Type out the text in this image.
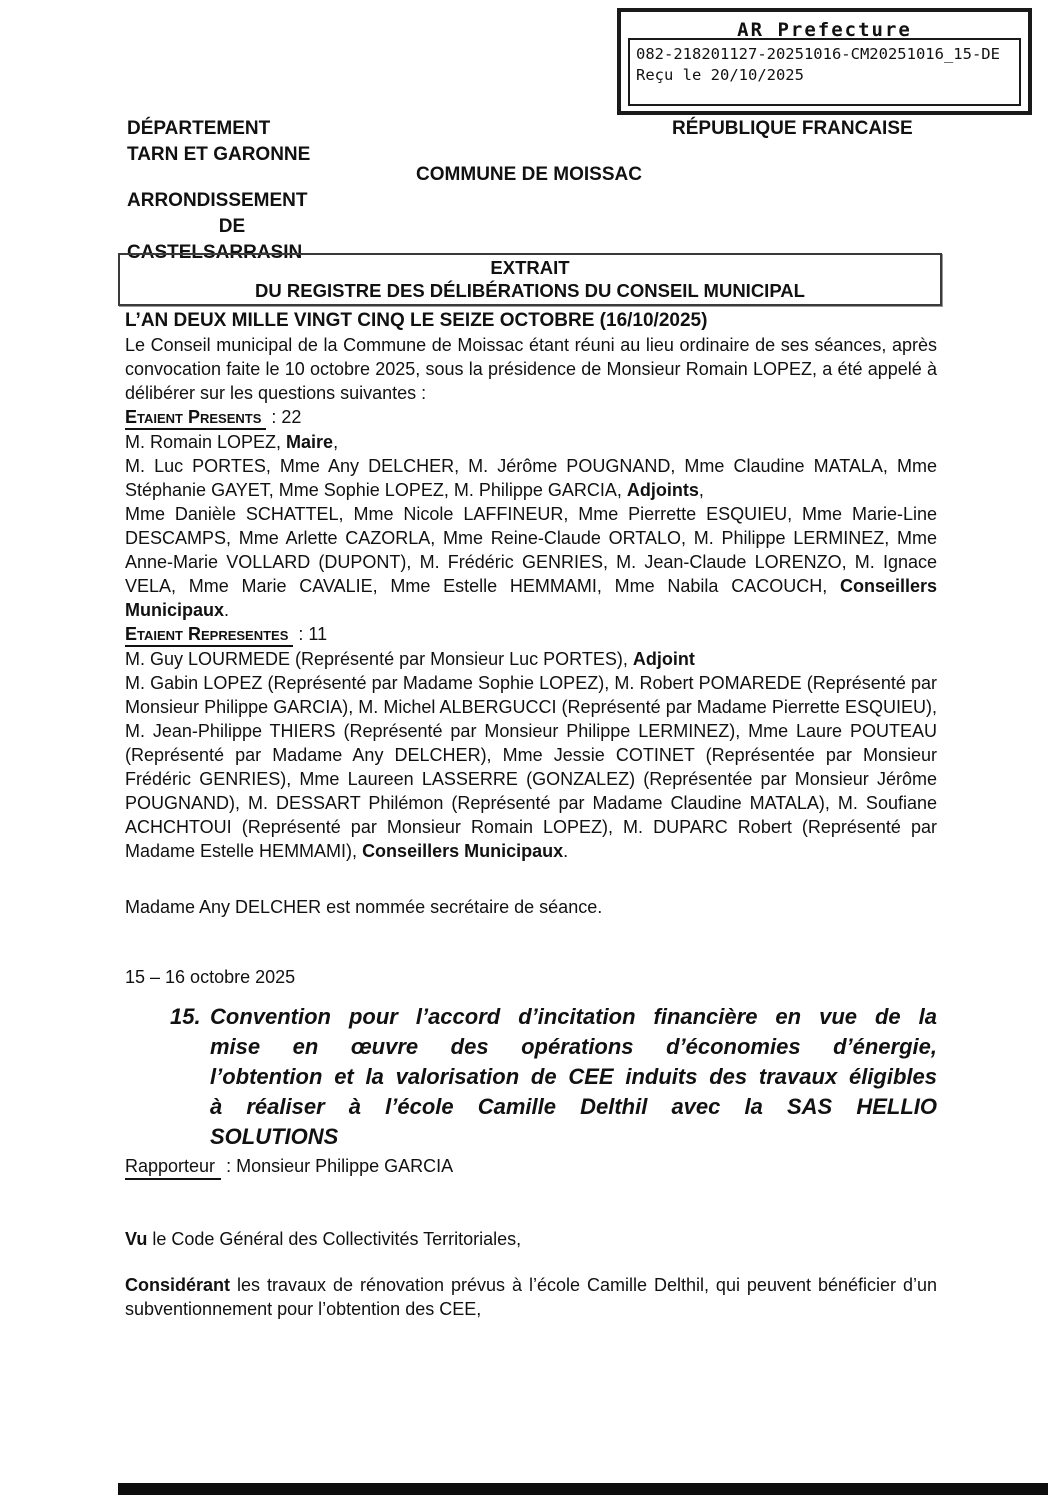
AR Prefecture
082-218201127-20251016-CM20251016_15-DE
Reçu le 20/10/2025
DÉPARTEMENT
TARN ET GARONNE
RÉPUBLIQUE FRANCAISE
COMMUNE DE MOISSAC
ARRONDISSEMENT
DE
CASTELSARRASIN
EXTRAIT
DU REGISTRE DES DÉLIBÉRATIONS DU CONSEIL MUNICIPAL
L’AN DEUX MILLE VINGT CINQ LE SEIZE OCTOBRE (16/10/2025)

Le Conseil municipal de la Commune de Moissac étant réuni au lieu ordinaire de ses séances, après convocation faite le 10 octobre 2025, sous la présidence de Monsieur Romain LOPEZ, a été appelé à délibérer sur les questions suivantes :

Etaient Presents : 22

M. Romain LOPEZ, Maire,

M. Luc PORTES, Mme Any DELCHER, M. Jérôme POUGNAND, Mme Claudine MATALA, Mme Stéphanie GAYET, Mme Sophie LOPEZ, M. Philippe GARCIA, Adjoints,

Mme Danièle SCHATTEL, Mme Nicole LAFFINEUR, Mme Pierrette ESQUIEU, Mme Marie-Line DESCAMPS, Mme Arlette CAZORLA, Mme Reine-Claude ORTALO, M. Philippe LERMINEZ, Mme Anne-Marie VOLLARD (DUPONT), M. Frédéric GENRIES, M. Jean-Claude LORENZO, M. Ignace VELA, Mme Marie CAVALIE, Mme Estelle HEMMAMI, Mme Nabila CACOUCH, Conseillers Municipaux.

Etaient Representes : 11

M. Guy LOURMEDE (Représenté par Monsieur Luc PORTES), Adjoint

M. Gabin LOPEZ (Représenté par Madame Sophie LOPEZ), M. Robert POMAREDE (Représenté par Monsieur Philippe GARCIA), M. Michel ALBERGUCCI (Représenté par Madame Pierrette ESQUIEU), M. Jean-Philippe THIERS (Représenté par Monsieur Philippe LERMINEZ), Mme Laure POUTEAU (Représenté par Madame Any DELCHER), Mme Jessie COTINET (Représentée par Monsieur Frédéric GENRIES), Mme Laureen LASSERRE (GONZALEZ) (Représentée par Monsieur Jérôme POUGNAND), M. DESSART Philémon (Représenté par Madame Claudine MATALA), M. Soufiane ACHCHTOUI (Représenté par Monsieur Romain LOPEZ), M. DUPARC Robert (Représenté par Madame Estelle HEMMAMI), Conseillers Municipaux.

Madame Any DELCHER est nommée secrétaire de séance.

15 – 16 octobre 2025

15. Convention pour l’accord d’incitation financière en vue de la
mise en œuvre des opérations d’économies d’énergie,
l’obtention et la valorisation de CEE induits des travaux éligibles
à réaliser à l’école Camille Delthil avec la SAS HELLIO
SOLUTIONS
Rapporteur : Monsieur Philippe GARCIA

Vu le Code Général des Collectivités Territoriales,

Considérant les travaux de rénovation prévus à l’école Camille Delthil, qui peuvent bénéficier d’un subventionnement pour l’obtention des CEE,
